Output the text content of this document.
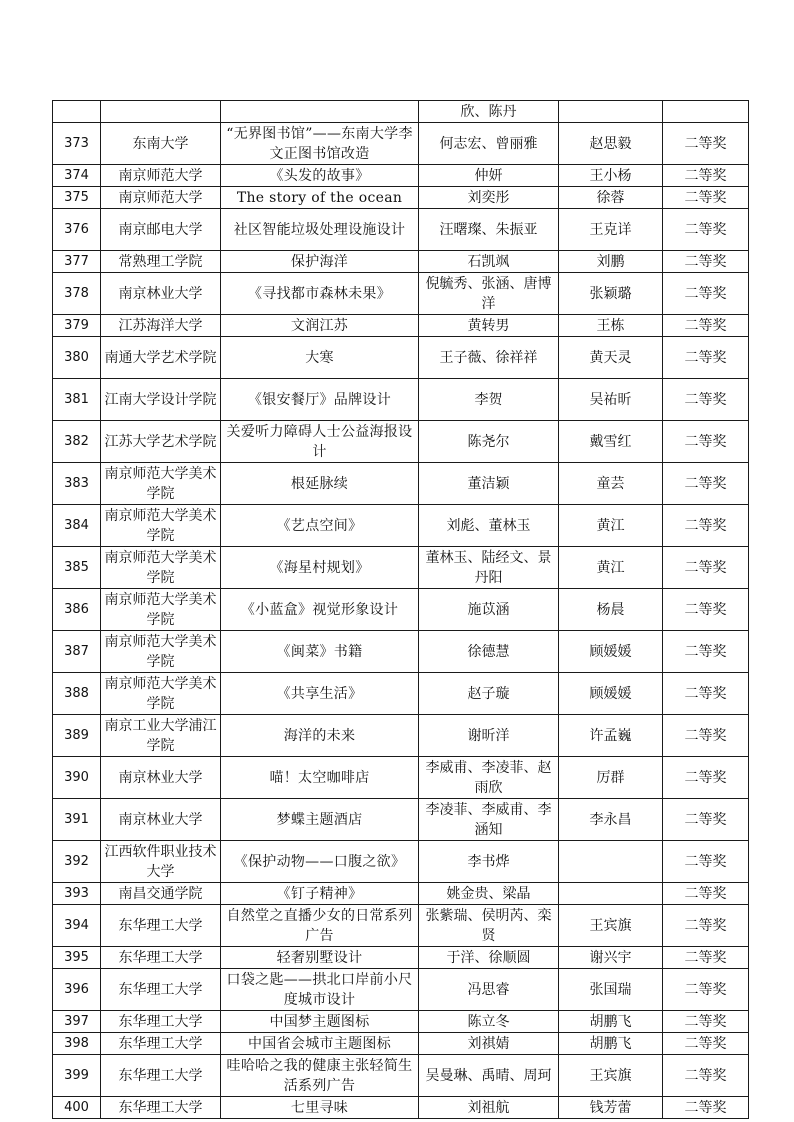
			欣、陈丹		
373	东南大学	“无界图书馆”——东南大学李文正图书馆改造	何志宏、曾丽雅	赵思毅	二等奖
374	南京师范大学	《头发的故事》	仲妍	王小杨	二等奖
375	南京师范大学	The story of the ocean	刘奕彤	徐蓉	二等奖
376	南京邮电大学	社区智能垃圾处理设施设计	汪曙璨、朱振亚	王克详	二等奖
377	常熟理工学院	保护海洋	石凯飒	刘鹏	二等奖
378	南京林业大学	《寻找都市森林未果》	倪毓秀、张涵、唐博洋	张颖璐	二等奖
379	江苏海洋大学	文润江苏	黄转男	王栋	二等奖
380	南通大学艺术学院	大寒	王子薇、徐祥祥	黄天灵	二等奖
381	江南大学设计学院	《银安餐厅》品牌设计	李贺	吴祐昕	二等奖
382	江苏大学艺术学院	关爱听力障碍人士公益海报设计	陈尧尔	戴雪红	二等奖
383	南京师范大学美术学院	根延脉续	董洁颖	童芸	二等奖
384	南京师范大学美术学院	《艺点空间》	刘彪、董林玉	黄江	二等奖
385	南京师范大学美术学院	《海星村规划》	董林玉、陆经文、景丹阳	黄江	二等奖
386	南京师范大学美术学院	《小蓝盒》视觉形象设计	施苡涵	杨晨	二等奖
387	南京师范大学美术学院	《闽菜》书籍	徐德慧	顾媛媛	二等奖
388	南京师范大学美术学院	《共享生活》	赵子璇	顾媛媛	二等奖
389	南京工业大学浦江学院	海洋的未来	谢昕洋	许孟巍	二等奖
390	南京林业大学	喵！太空咖啡店	李威甫、李凌菲、赵雨欣	厉群	二等奖
391	南京林业大学	梦蝶主题酒店	李凌菲、李威甫、李涵知	李永昌	二等奖
392	江西软件职业技术大学	《保护动物——口腹之欲》	李书烨		二等奖
393	南昌交通学院	《钉子精神》	姚金贵、梁晶		二等奖
394	东华理工大学	自然堂之直播少女的日常系列广告	张紫瑞、侯明芮、栾贤	王宾旗	二等奖
395	东华理工大学	轻奢别墅设计	于洋、徐顺圆	谢兴宇	二等奖
396	东华理工大学	口袋之匙——拱北口岸前小尺度城市设计	冯思睿	张国瑞	二等奖
397	东华理工大学	中国梦主题图标	陈立冬	胡鹏飞	二等奖
398	东华理工大学	中国省会城市主题图标	刘祺婧	胡鹏飞	二等奖
399	东华理工大学	哇哈哈之我的健康主张轻简生活系列广告	吴曼琳、禹晴、周珂	王宾旗	二等奖
400	东华理工大学	七里寻味	刘祖航	钱芳蕾	二等奖
